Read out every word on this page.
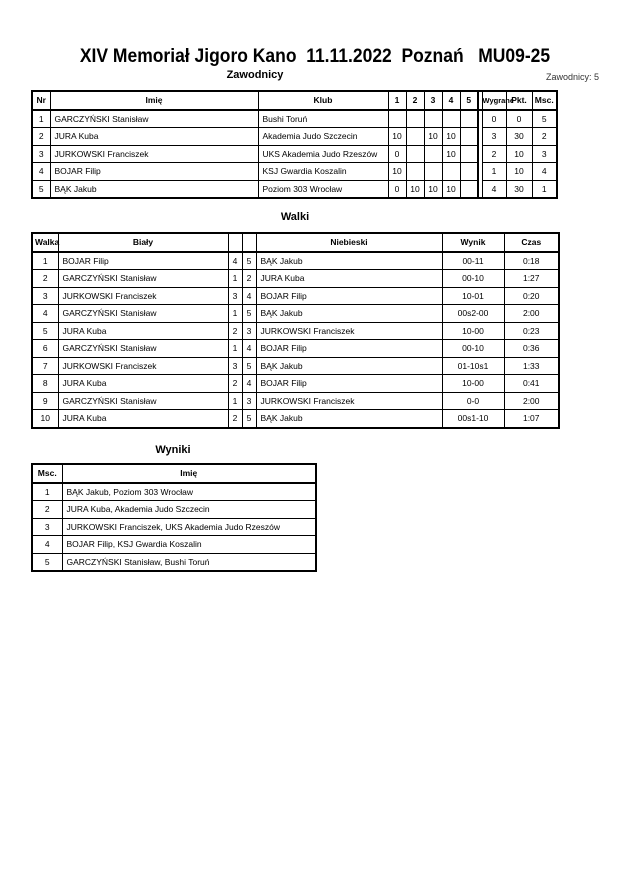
XIV Memoriał Jigoro Kano  11.11.2022  Poznań   MU09-25
Zawodnicy	Zawodnicy: 5
Nr	Imię	Klub	1	2	3	4	5		Wygrane	Pkt.	Msc.
1	GARCZYŃSKI Stanisław	Bushi Toruń							0	0	5
2	JURA Kuba	Akademia Judo Szczecin	10		10	10			3	30	2
3	JURKOWSKI Franciszek	UKS Akademia Judo Rzeszów	0			10			2	10	3
4	BOJAR Filip	KSJ Gwardia Koszalin	10						1	10	4
5	BĄK Jakub	Poziom 303 Wrocław	0	10	10	10			4	30	1
Walki
Walka	Biały			Niebieski	Wynik	Czas
1	BOJAR Filip	4	5	BĄK Jakub	00-11	0:18
2	GARCZYŃSKI Stanisław	1	2	JURA Kuba	00-10	1:27
3	JURKOWSKI Franciszek	3	4	BOJAR Filip	10-01	0:20
4	GARCZYŃSKI Stanisław	1	5	BĄK Jakub	00s2-00	2:00
5	JURA Kuba	2	3	JURKOWSKI Franciszek	10-00	0:23
6	GARCZYŃSKI Stanisław	1	4	BOJAR Filip	00-10	0:36
7	JURKOWSKI Franciszek	3	5	BĄK Jakub	01-10s1	1:33
8	JURA Kuba	2	4	BOJAR Filip	10-00	0:41
9	GARCZYŃSKI Stanisław	1	3	JURKOWSKI Franciszek	0-0	2:00
10	JURA Kuba	2	5	BĄK Jakub	00s1-10	1:07
Wyniki
Msc.	Imię
1	BĄK Jakub, Poziom 303 Wrocław
2	JURA Kuba, Akademia Judo Szczecin
3	JURKOWSKI Franciszek, UKS Akademia Judo Rzeszów
4	BOJAR Filip, KSJ Gwardia Koszalin
5	GARCZYŃSKI Stanisław, Bushi Toruń
